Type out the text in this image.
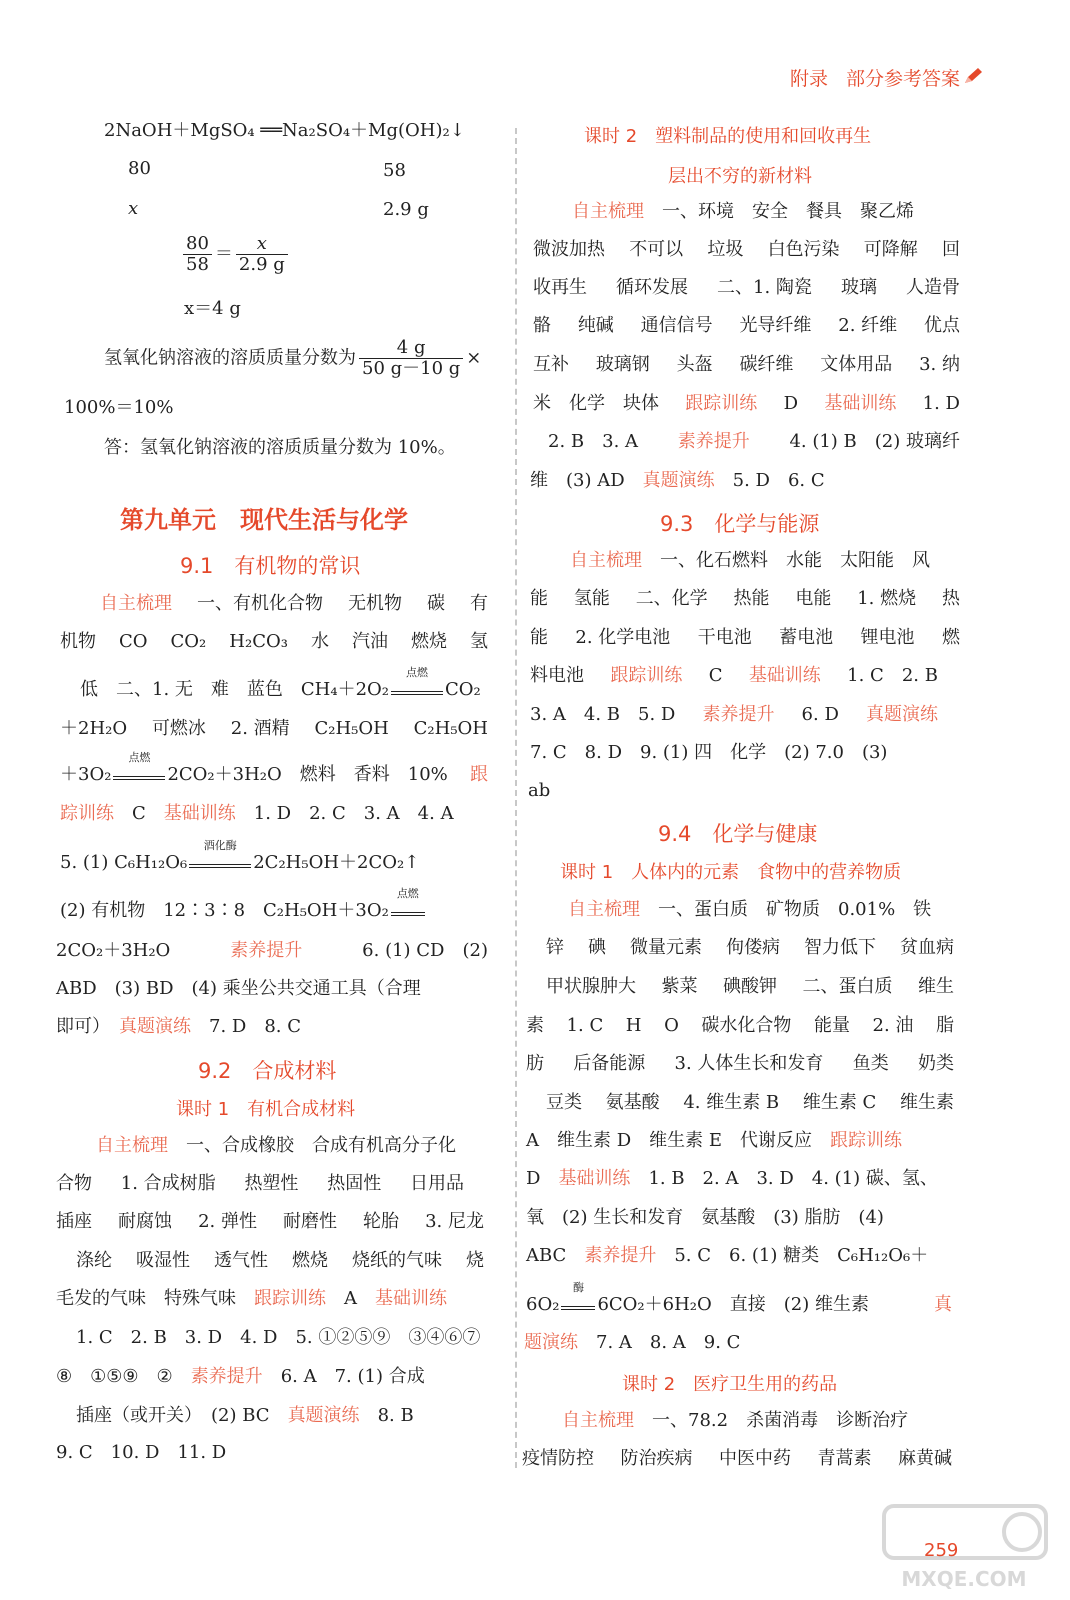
附录 部分参考答案
2NaOH＋MgSO₄ ══Na₂SO₄＋Mg(OH)₂↓
80	58
x	2.9 g
$\frac{80}{58} = \frac{x}{2.9 g}$
x＝4 g
氢氧化钠溶液的溶质质量分数为 $\frac{4 g}{50 g-10 g}$ ×
100%＝10%
答：氢氧化钠溶液的溶质质量分数为 10%。
第九单元　现代生活与化学
9.1　有机物的常识
自主梳理 一、有机化合物 无机物 碳 有
机物 CO CO₂ H₂CO₃ 水 汽油 燃烧 氢
低　二、1. 无　难　蓝色　CH₄＋2O₂
点燃
CO₂
＋2H₂O 可燃冰 2. 酒精 C₂H₅OH C₂H₅OH
＋3O₂
点燃
2CO₂＋3H₂O　燃料　香料　10% 跟
踪训练　 C　 基础训练　 1. D　2. C　3. A　4. A
5. (1) C₆H₁₂O₆
酒化酶
2C₂H₅OH＋2CO₂↑
(2) 有机物　12∶3∶8　C₂H₅OH＋3O₂
点燃
2CO₂＋3H₂O	素养提升	6. (1) CD　(2)
ABD　(3) BD　(4) 乘坐公共交通工具（合理
即可）　 真题演练　 7. D　8. C
9.2　合成材料
课时 1　有机合成材料
自主梳理　 一、合成橡胶　合成有机高分子化
合物 1. 合成树脂 热塑性 热固性 日用品
插座 耐腐蚀 2. 弹性 耐磨性 轮胎 3. 尼龙
涤纶 吸湿性 透气性 燃烧 烧纸的气味 烧
毛发的气味　特殊气味　 跟踪训练　 A　 基础训练
1. C　2. B　3. D　4. D　5. ①②⑤⑨　③④⑥⑦
⑧　①⑤⑨　②　 素养提升　 6. A　7. (1) 合成
插座（或开关）　(2) BC　 真题演练　 8. B
9. C　10. D　11. D
课时 2　塑料制品的使用和回收再生
层出不穷的新材料
自主梳理　 一、环境　安全　餐具　聚乙烯
微波加热 不可以 垃圾 白色污染 可降解 回
收再生 循环发展 二、1. 陶瓷 玻璃 人造骨
骼 纯碱 通信信号 光导纤维 2. 纤维 优点
互补 玻璃钢 头盔 碳纤维 文体用品 3. 纳
米　化学　块体 跟踪训练 D 基础训练 1. D
2. B　3. A 素养提升 4. (1) B　(2) 玻璃纤
维　(3) AD　 真题演练　 5. D　6. C
9.3　化学与能源
自主梳理　 一、化石燃料　水能　太阳能　风
能 氢能 二、化学 热能 电能 1. 燃烧 热
能 2. 化学电池 干电池 蓄电池 锂电池 燃
料电池 跟踪训练 C 基础训练 1. C　2. B
3. A　4. B　5. D 素养提升 6. D 真题演练
7. C　8. D　9. (1) 四　化学　(2) 7.0　(3)
ab
9.4　化学与健康
课时 1　人体内的元素　食物中的营养物质
自主梳理　 一、蛋白质　矿物质　0.01%　铁
锌 碘 微量元素 佝偻病 智力低下 贫血病
甲状腺肿大 紫菜 碘酸钾 二、蛋白质 维生
素 1. C H O 碳水化合物 能量 2. 油 脂
肪 后备能源 3. 人体生长和发育 鱼类 奶类
豆类 氨基酸 4. 维生素 B 维生素 C 维生素
A　维生素 D　维生素 E　代谢反应　 跟踪训练
D　 基础训练　 1. B　2. A　3. D　4. (1) 碳、氢、
氧　(2) 生长和发育　氨基酸　(3) 脂肪　(4)
ABC　 素养提升　 5. C　6. (1) 糖类　C₆H₁₂O₆＋
6O₂
酶
6CO₂＋6H₂O　直接　(2) 维生素	真
题演练　 7. A　8. A　9. C
课时 2　医疗卫生用的药品
自主梳理　 一、78.2　杀菌消毒　诊断治疗
疫情防控 防治疾病 中医中药 青蒿素 麻黄碱
259
MXQE.COM
